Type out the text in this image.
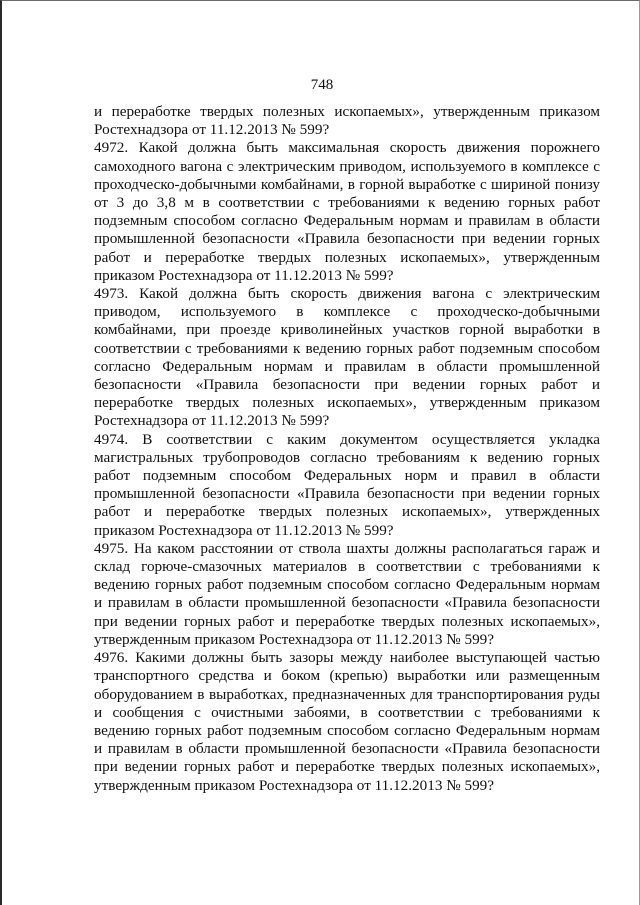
748

и переработке твердых полезных ископаемых», утвержденным приказом Ростехнадзора от 11.12.2013 № 599?

4972. Какой должна быть максимальная скорость движения порожнего самоходного вагона с электрическим приводом, используемого в комплексе с проходческо-добычными комбайнами, в горной выработке с шириной понизу от 3 до 3,8 м в соответствии с требованиями к ведению горных работ подземным способом согласно Федеральным нормам и правилам в области промышленной безопасности «Правила безопасности при ведении горных работ и переработке твердых полезных ископаемых», утвержденным приказом Ростехнадзора от 11.12.2013 № 599?

4973. Какой должна быть скорость движения вагона с электрическим приводом, используемого в комплексе с проходческо-добычными комбайнами, при проезде криволинейных участков горной выработки в соответствии с требованиями к ведению горных работ подземным способом согласно Федеральным нормам и правилам в области промышленной безопасности «Правила безопасности при ведении горных работ и переработке твердых полезных ископаемых», утвержденным приказом Ростехнадзора от 11.12.2013 № 599?

4974. В соответствии с каким документом осуществляется укладка магистральных трубопроводов согласно требованиям к ведению горных работ подземным способом Федеральных норм и правил в области промышленной безопасности «Правила безопасности при ведении горных работ и переработке твердых полезных ископаемых», утвержденных приказом Ростехнадзора от 11.12.2013 № 599?

4975. На каком расстоянии от ствола шахты должны располагаться гараж и склад горюче-смазочных материалов в соответствии с требованиями к ведению горных работ подземным способом согласно Федеральным нормам и правилам в области промышленной безопасности «Правила безопасности при ведении горных работ и переработке твердых полезных ископаемых», утвержденным приказом Ростехнадзора от 11.12.2013 № 599?

4976. Какими должны быть зазоры между наиболее выступающей частью транспортного средства и боком (крепью) выработки или размещенным оборудованием в выработках, предназначенных для транспортирования руды и сообщения с очистными забоями, в соответствии с требованиями к ведению горных работ подземным способом согласно Федеральным нормам и правилам в области промышленной безопасности «Правила безопасности при ведении горных работ и переработке твердых полезных ископаемых», утвержденным приказом Ростехнадзора от 11.12.2013 № 599?
